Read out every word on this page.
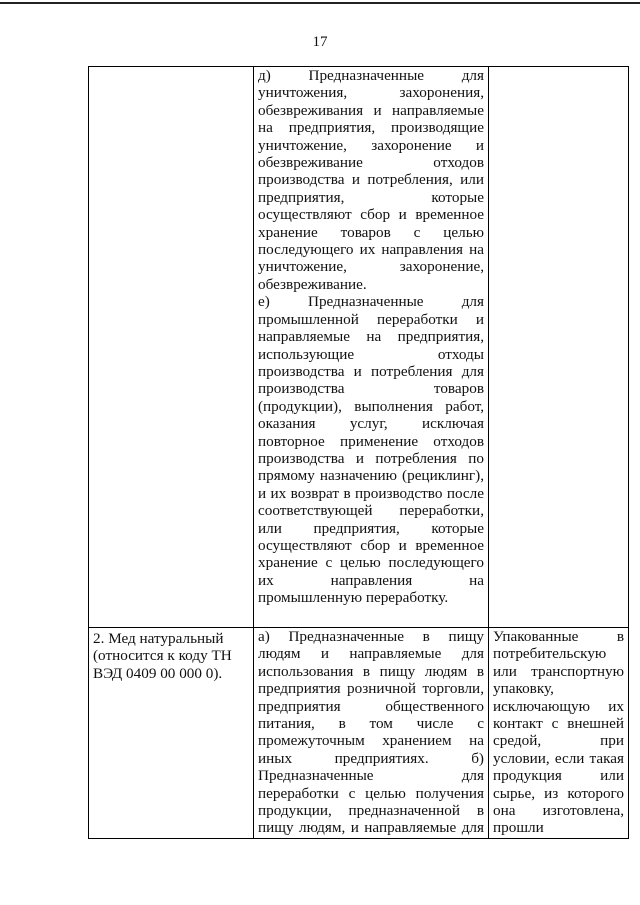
17

	д) Предназначенные для уничтожения, захоронения, обезвреживания и направляемые на предприятия, производящие уничтожение, захоронение и обезвреживание отходов производства и потребления, или предприятия, которые осуществляют сбор и временное хранение товаров с целью последующего их направления на уничтожение, захоронение,

обезвреживание.

е) Предназначенные для промышленной переработки и направляемые на предприятия, использующие отходы производства и потребления для производства товаров (продукции), выполнения работ, оказания услуг, исключая повторное применение отходов производства и потребления по прямому назначению (рециклинг), и их возврат в производство после соответствующей переработки, или предприятия, которые осуществляют сбор и временное хранение с целью последующего их направления на

промышленную переработку.	

2. Мед натуральный (относится к коду ТН ВЭД 0409 00 000 0).	а) Предназначенные в пищу людям и направляемые для использования в пищу людям в предприятия розничной торговли, предприятия общественного питания, в том числе с промежуточным хранением на иных предприятиях. б) Предназначенные для переработки с целью получения продукции, предназначенной в пищу людям, и направляемые для	Упакованные в потребительскую или транспортную упаковку, исключающую их контакт с внешней средой, при условии, если такая продукция или сырье, из которого она изготовлена, прошли
